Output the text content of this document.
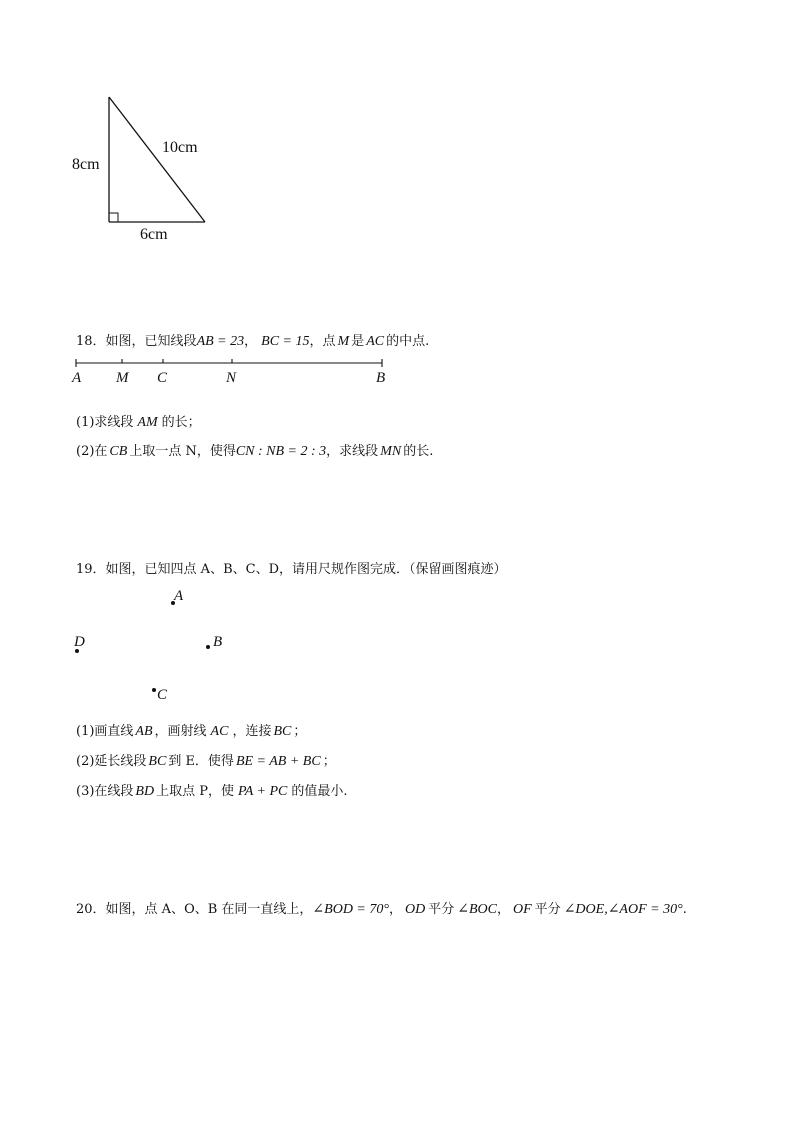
8cm
10cm
6cm
18．如图，已知线段AB = 23， BC = 15，点 M 是 AC 的中点.
A M C	N	B
(1)求线段 AM 的长；
(2)在 CB 上取一点 N，使得CN : NB = 2 : 3，求线段 MN 的长.
19．如图，已知四点 A、B、C、D，请用尺规作图完成．（保留画图痕迹）
A
D	B
C
(1)画直线 AB ，画射线 AC ，连接 BC ；
(2)延长线段 BC 到 E．使得 BE = AB + BC ；
(3)在线段 BD 上取点 P，使 PA + PC 的值最小.
20．如图，点 A、O、B 在同一直线上，∠BOD = 70°， OD 平分 ∠BOC， OF 平分 ∠DOE,∠AOF = 30°.
